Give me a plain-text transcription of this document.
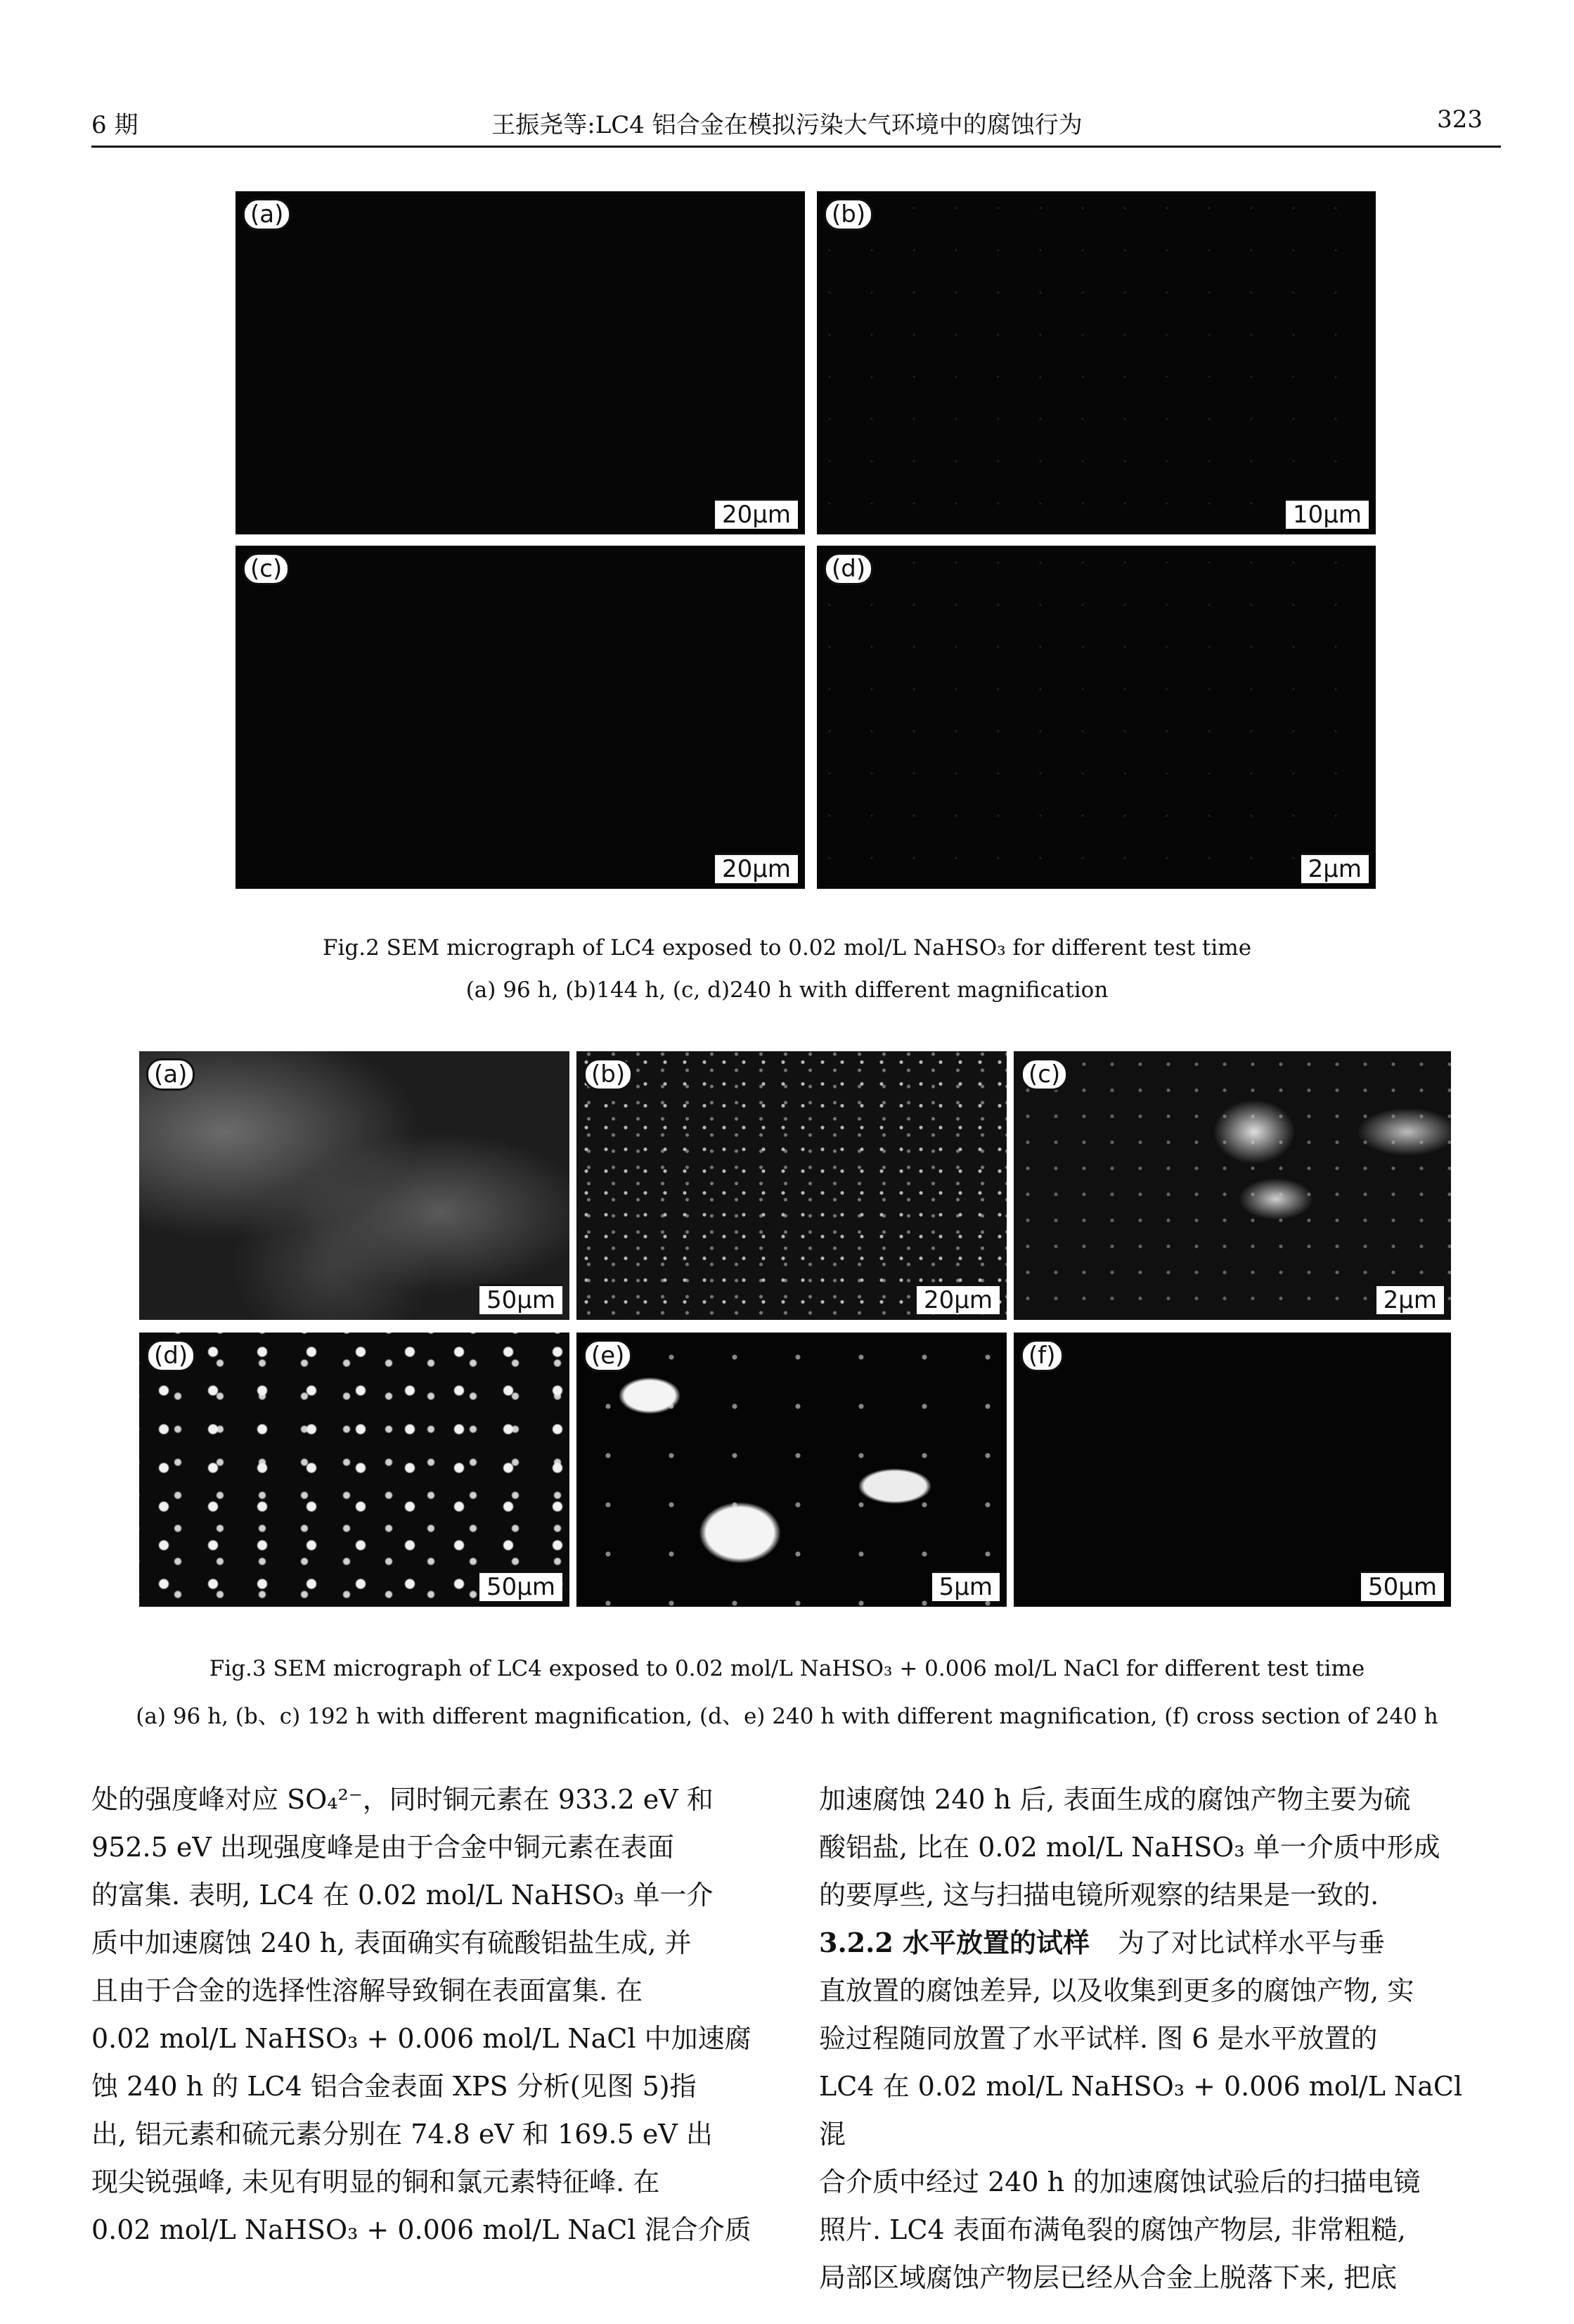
6 期	王振尧等:LC4 铝合金在模拟污染大气环境中的腐蚀行为	323
(a)
20μm
(b)
10μm
(c)
20μm
(d)
2μm
Fig.2 SEM micrograph of LC4 exposed to 0.02 mol/L NaHSO₃ for different test time
(a) 96 h, (b)144 h, (c, d)240 h with different magnification
(a)
50μm
(b)
20μm
(c)
2μm
(d)
50μm
(e)
5μm
(f)
50μm
Fig.3 SEM micrograph of LC4 exposed to 0.02 mol/L NaHSO₃ + 0.006 mol/L NaCl for different test time
(a) 96 h, (b、c) 192 h with different magnification, (d、e) 240 h with different magnification, (f) cross section of 240 h

处的强度峰对应 SO₄²⁻，同时铜元素在 933.2 eV 和

952.5 eV 出现强度峰是由于合金中铜元素在表面

的富集. 表明, LC4 在 0.02 mol/L NaHSO₃ 单一介

质中加速腐蚀 240 h, 表面确实有硫酸铝盐生成, 并

且由于合金的选择性溶解导致铜在表面富集. 在

0.02 mol/L NaHSO₃ + 0.006 mol/L NaCl 中加速腐

蚀 240 h 的 LC4 铝合金表面 XPS 分析(见图 5)指

出, 铝元素和硫元素分别在 74.8 eV 和 169.5 eV 出

现尖锐强峰, 未见有明显的铜和氯元素特征峰. 在

0.02 mol/L NaHSO₃ + 0.006 mol/L NaCl 混合介质

加速腐蚀 240 h 后, 表面生成的腐蚀产物主要为硫

酸铝盐, 比在 0.02 mol/L NaHSO₃ 单一介质中形成

的要厚些, 这与扫描电镜所观察的结果是一致的.

3.2.2 水平放置的试样 为了对比试样水平与垂

直放置的腐蚀差异, 以及收集到更多的腐蚀产物, 实

验过程随同放置了水平试样. 图 6 是水平放置的

LC4 在 0.02 mol/L NaHSO₃ + 0.006 mol/L NaCl 混

合介质中经过 240 h 的加速腐蚀试验后的扫描电镜

照片. LC4 表面布满龟裂的腐蚀产物层, 非常粗糙,

局部区域腐蚀产物层已经从合金上脱落下来, 把底
